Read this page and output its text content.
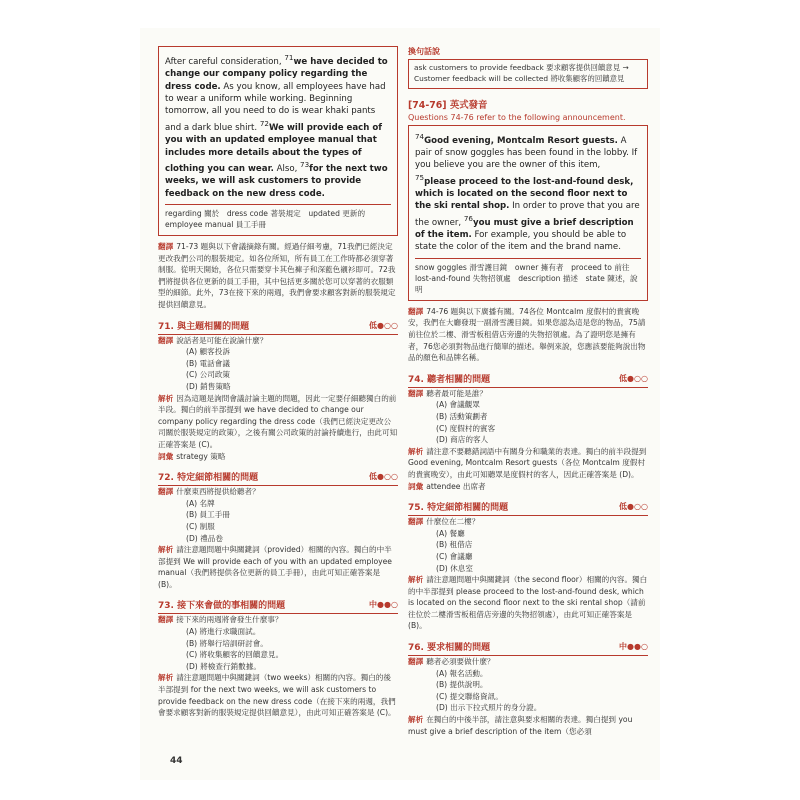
After careful consideration, $^{71}$we have decided to change our company policy regarding the dress code. As you know, all employees have had to wear a uniform while working. Beginning tomorrow, all you need to do is wear khaki pants and a dark blue shirt. $^{72}$We will provide each of you with an updated employee manual that includes more details about the types of clothing you can wear. Also, $^{73}$for the next two weeks, we will ask customers to provide feedback on the new dress code.

regarding 關於　dress code 著裝規定　updated 更新的　employee manual 員工手冊

翻譯 71-73 題與以下會議摘錄有關。經過仔細考慮，71我們已經決定更改我們公司的服裝規定。如各位所知，所有員工在工作時都必須穿著制服。從明天開始，各位只需要穿卡其色褲子和深藍色襯衫即可。72我們將提供各位更新的員工手冊，其中包括更多關於您可以穿著的衣服類型的細節。此外，73在接下來的兩週，我們會要求顧客對新的服裝規定提供回饋意見。

71. 與主題相關的問題	低●○○

翻譯 說話者是可能在說論什麼？

(A) 顧客投訴

(B) 電話會議

(C) 公司政策

(D) 銷售策略

解析 因為這題是詢問會議討論主題的問題，因此一定要仔細聽獨白的前半段。獨白的前半部提到 we have decided to change our company policy regarding the dress code（我們已經決定更改公司關於服裝規定的政策），之後有關公司政策的討論持續進行，由此可知正確答案是 (C)。

詞彙 strategy 策略

72. 特定細節相關的問題	低●○○

翻譯 什麼東西將提供給聽者？

(A) 名牌

(B) 員工手冊

(C) 制服

(D) 禮品卷

解析 請注意題問題中與關鍵詞（provided）相關的內容。獨白的中半部提到 We will provide each of you with an updated employee manual（我們將提供各位更新的員工手冊），由此可知正確答案是 (B)。

73. 接下來會做的事相關的問題	中●●○

翻譯 接下來的兩週將會發生什麼事？

(A) 將進行求職面試。

(B) 將舉行培訓研討會。

(C) 將收集顧客的回饋意見。

(D) 將檢查行銷數據。

解析 請注意題問題中與關鍵詞（two weeks）相關的內容。獨白的後半部提到 for the next two weeks, we will ask customers to provide feedback on the new dress code（在接下來的兩週，我們會要求顧客對新的服裝規定提供回饋意見），由此可知正確答案是 (C)。

換句話說

ask customers to provide feedback 要求顧客提供回饋意見 →

Customer feedback will be collected 將收集顧客的回饋意見

[74-76] 英式發音
Questions 74-76 refer to the following announcement.

$^{74}$Good evening, Montcalm Resort guests. A pair of snow goggles has been found in the lobby. If you believe you are the owner of this item, $^{75}$please proceed to the lost-and-found desk, which is located on the second floor next to the ski rental shop. In order to prove that you are the owner, $^{76}$you must give a brief description of the item. For example, you should be able to state the color of the item and the brand name.

snow goggles 滑雪護目鏡　owner 擁有者　proceed to 前往　lost-and-found 失物招領處　description 描述　state 陳述，說明

翻譯 74-76 題與以下廣播有關。74各位 Montcalm 度假村的貴賓晚安，我們在大廳發現一副滑雪護目鏡。如果您認為這是您的物品，75請前往位於二樓、滑雪板租借店旁邊的失物招領處。為了證明您是擁有者，76您必須對物品進行簡單的描述。舉例來說，您應該要能夠說出物品的顏色和品牌名稱。

74. 聽者相關的問題	低●○○

翻譯 聽者最可能是誰？

(A) 會議觀眾

(B) 活動策劃者

(C) 度假村的賓客

(D) 商店的客人

解析 請注意不要聽錯詞語中有關身分和職業的表達。獨白的前半段提到 Good evening, Montcalm Resort guests（各位 Montcalm 度假村的貴賓晚安），由此可知聽眾是度假村的客人，因此正確答案是 (D)。

詞彙 attendee 出席者

75. 特定細節相關的問題	低●○○

翻譯 什麼位在二樓？

(A) 餐廳

(B) 租借店

(C) 會議廳

(D) 休息室

解析 請注意題問題中與關鍵詞（the second floor）相關的內容。獨白的中半部提到 please proceed to the lost-and-found desk, which is located on the second floor next to the ski rental shop（請前往位於二樓滑雪板租借店旁邊的失物招領處），由此可知正確答案是 (B)。

76. 要求相關的問題	中●●○

翻譯 聽者必須要做什麼？

(A) 報名活動。

(B) 提供說明。

(C) 提交聯絡資訊。

(D) 出示下拉式照片的身分證。

解析 在獨白的中後半部，請注意與要求相關的表達。獨白提到 you must give a brief description of the item（您必須

44
